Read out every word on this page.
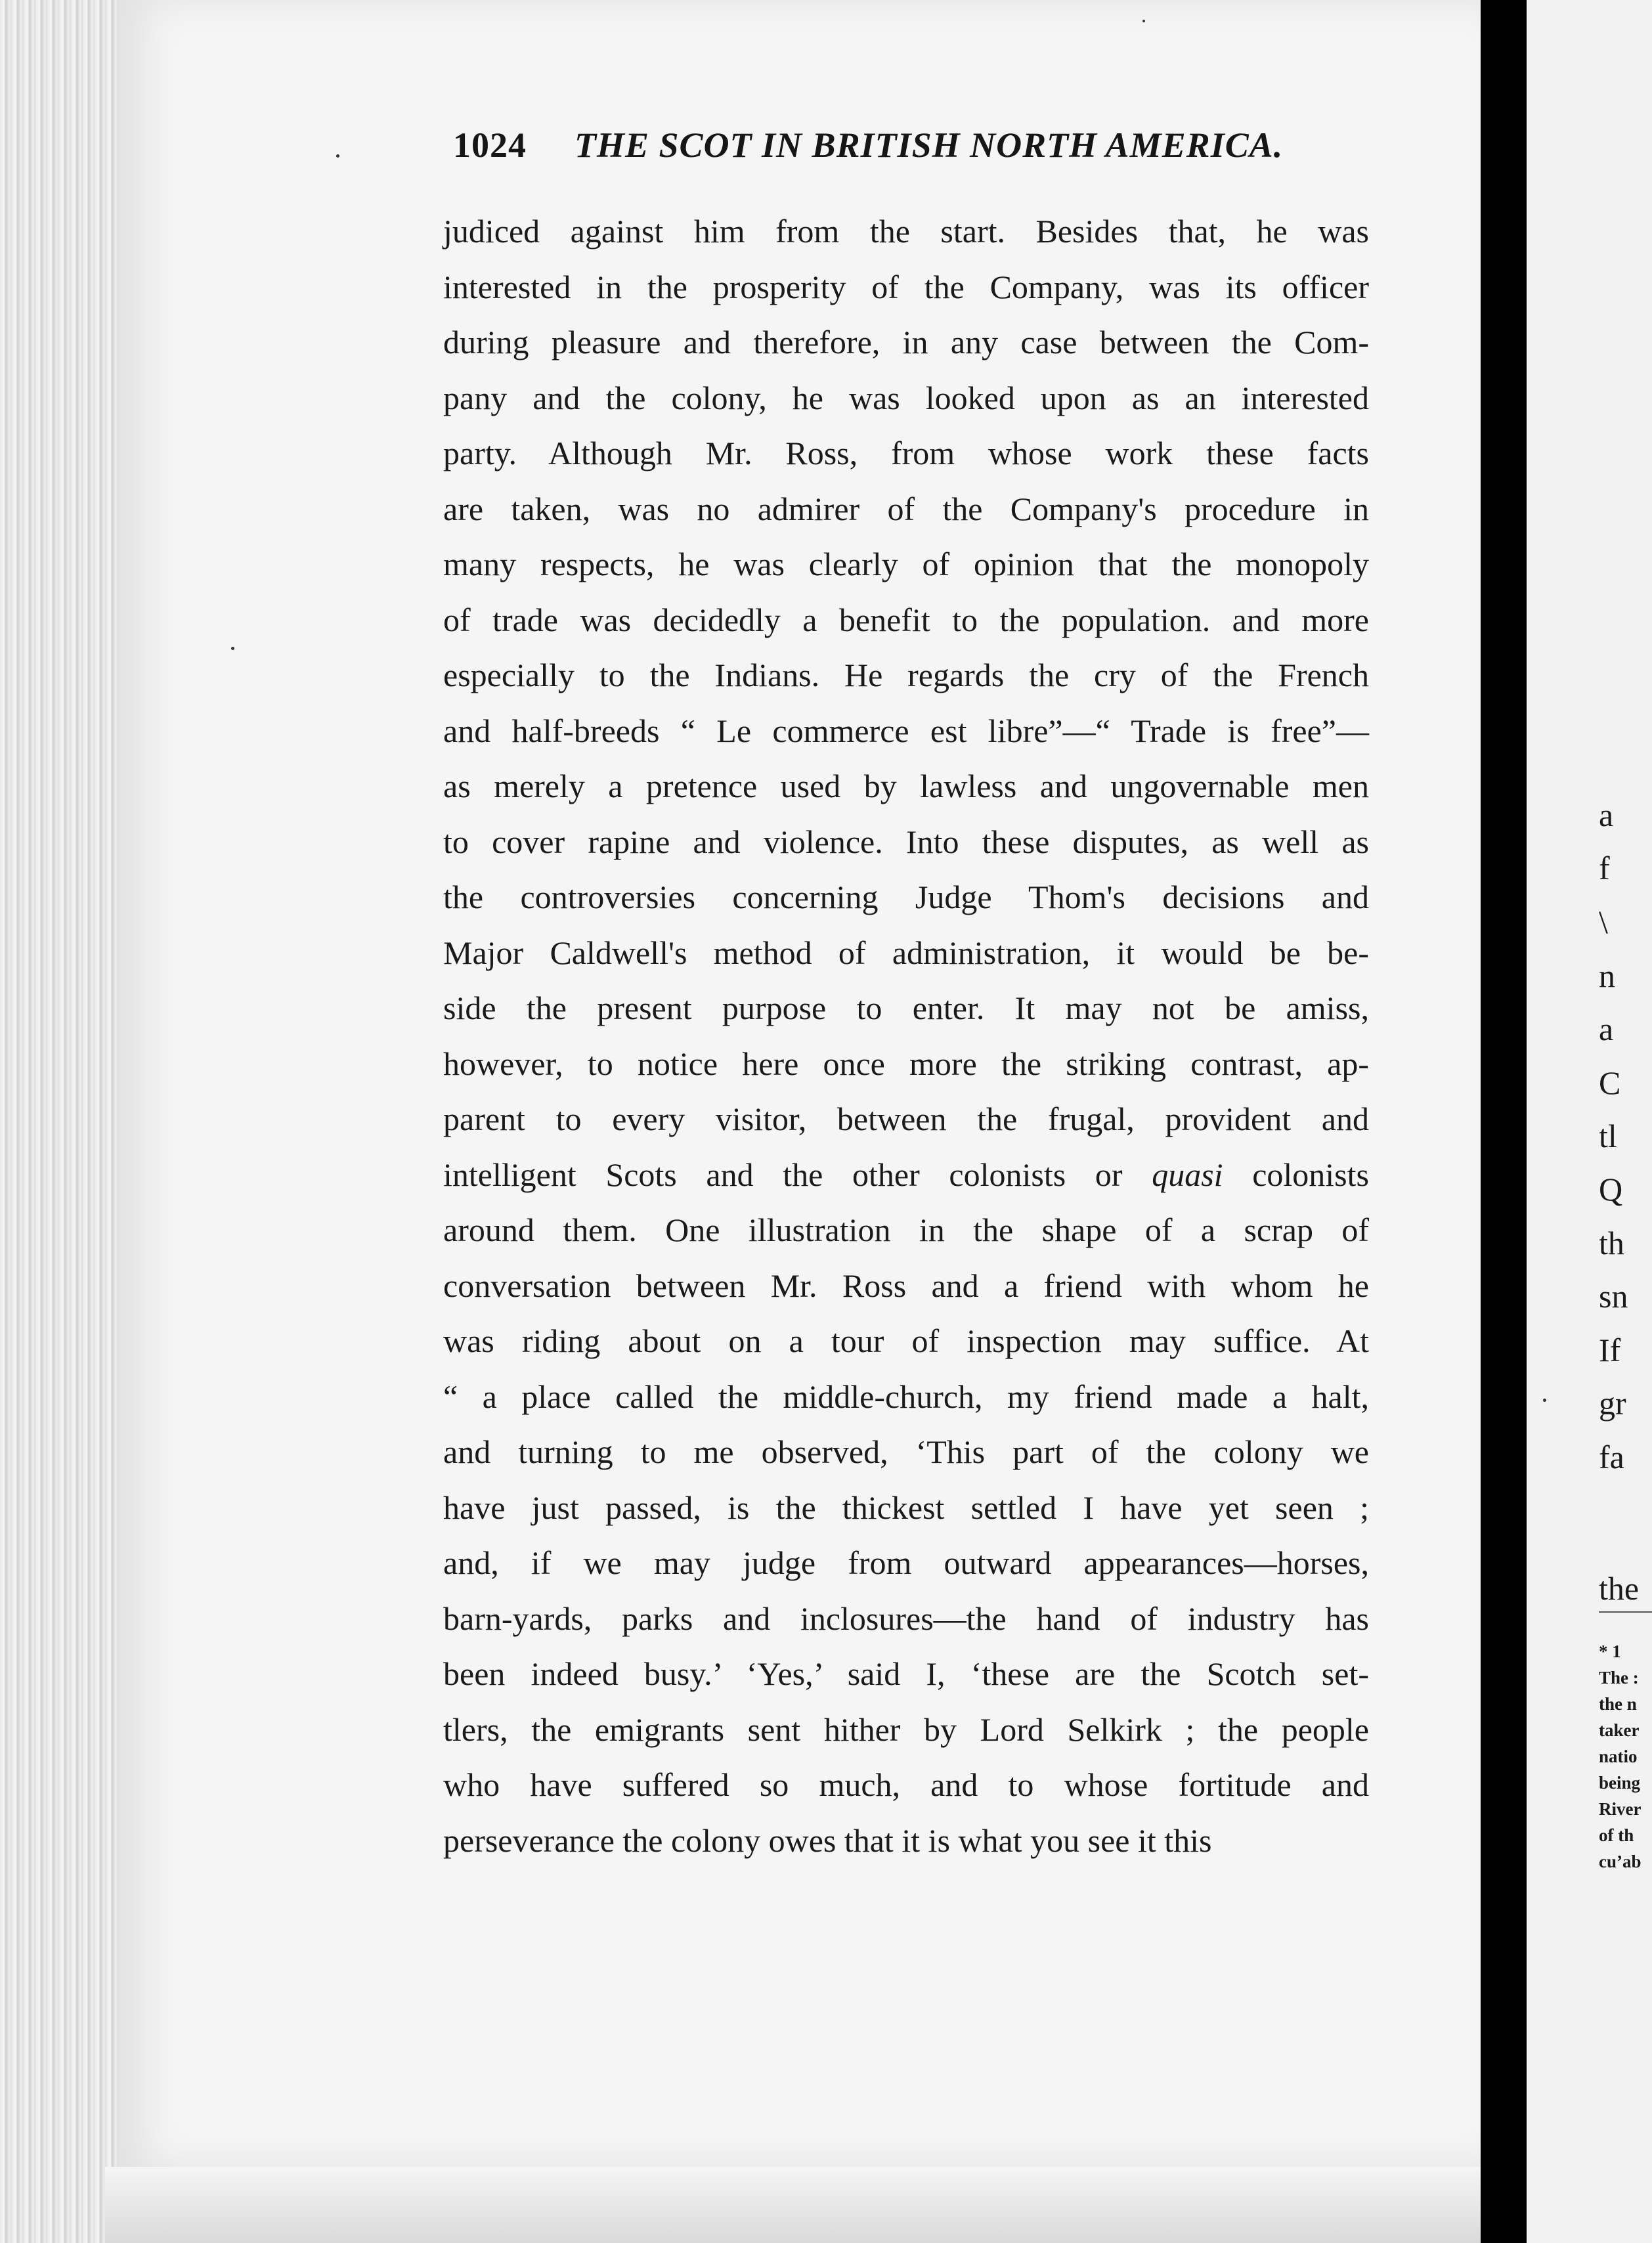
1024 THE SCOT IN BRITISH NORTH AMERICA.
judiced against him from the start. Besides that, he was
interested in the prosperity of the Company, was its officer
during pleasure and therefore, in any case between the Com-
pany and the colony, he was looked upon as an interested
party. Although Mr. Ross, from whose work these facts
are taken, was no admirer of the Company's procedure in
many respects, he was clearly of opinion that the monopoly
of trade was decidedly a benefit to the population. and more
especially to the Indians. He regards the cry of the French
and half-breeds “ Le commerce est libre”—“ Trade is free”—
as merely a pretence used by lawless and ungovernable men
to cover rapine and violence. Into these disputes, as well as
the controversies concerning Judge Thom's decisions and
Major Caldwell's method of administration, it would be be-
side the present purpose to enter. It may not be amiss,
however, to notice here once more the striking contrast, ap-
parent to every visitor, between the frugal, provident and
intelligent Scots and the other colonists or quasi colonists
around them. One illustration in the shape of a scrap of
conversation between Mr. Ross and a friend with whom he
was riding about on a tour of inspection may suffice. At
“ a place called the middle-church, my friend made a halt,
and turning to me observed, ‘This part of the colony we
have just passed, is the thickest settled I have yet seen ;
and, if we may judge from outward appearances—horses,
barn-yards, parks and inclosures—the hand of industry has
been indeed busy.’ ‘Yes,’ said I, ‘these are the Scotch set-
tlers, the emigrants sent hither by Lord Selkirk ; the people
who have suffered so much, and to whose fortitude and
perseverance the colony owes that it is what you see it this
a
f
\
n
a
C
tl
Q
th
sn
If
gr
fa
the
* 1
The :
the n
taker
natio
being
River
of th
cu’ab
